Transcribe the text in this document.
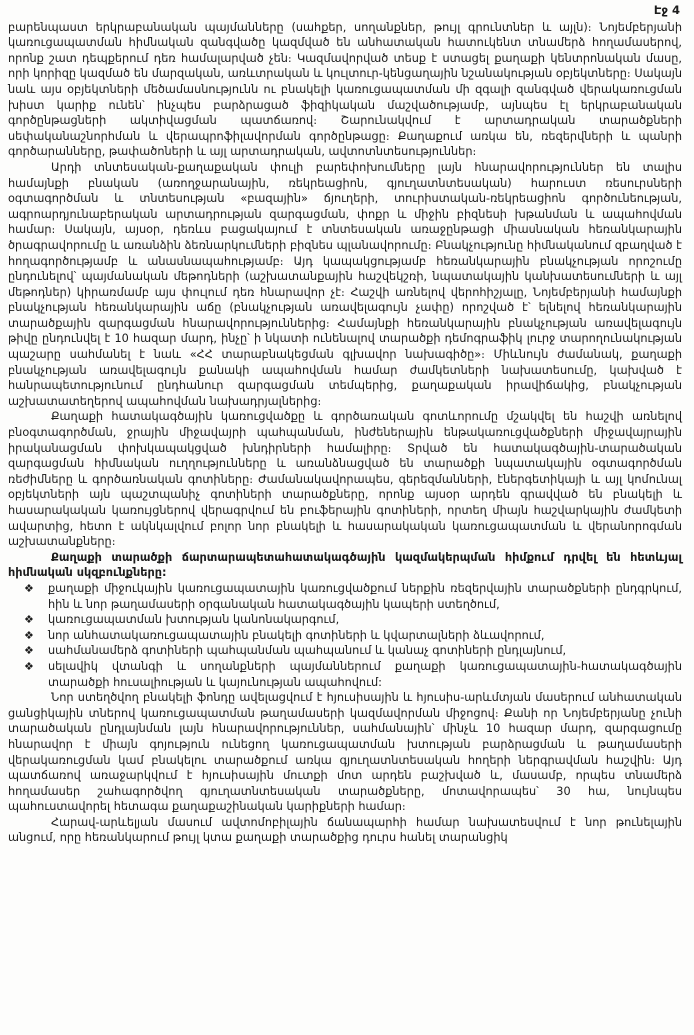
Էջ 4

բարենպաստ երկրաբանական պայմանները (սահքեր, սողանքներ, թույլ գրունտներ և այլն)։ Նոյեմբերյանի կառուցապատման հիմնական զանգվածը կազմված են անհատական հատուկենտ տնամերձ հողամասերով, որոնք շատ դեպքերում դեռ համալարված չեն։ Կազմավորված տեսք է ստացել քաղաքի կենտրոնական մասը, որի կորիզը կազմած են մարզական, առևտրական և կուլտուր-կենցաղային նշանակության օբյեկտները։ Սակայն նաև այս օբյեկտների մեծամասնությունն ու բնակելի կառուցապատման մի զգալի զանգված վերակառուցման խիստ կարիք ունեն՝ ինչպես բարձրացած ֆիզիկական մաշվածությամբ, այնպես էլ երկրաբանական գործընթացների ակտիվացման պատճառով։ Շարունակվում է արտադրական տարածքների սեփականաշնորհման և վերապրոֆիլավորման գործընթացը։ Քաղաքում առկա են, ռեզերվների և պանրի գործարանները, թափածոների և այլ արտադրական, ավտոտնտեսություններ։

Արդի տնտեսական-քաղաքական փուլի բարեփոխումները լայն հնարավորություններ են տալիս համայնքի բնական (առողջարանային, ռեկրեացիոն, գյուղատնտեսական) հարուստ ռեսուրսների օգտագործման և տնտեսության «բազային» ճյուղերի, տուրիստական-ռեկրեացիոն գործունեության, ագրոարդյունաբերական արտադրության զարգացման, փոքր և միջին բիզնեսի խթանման և ապահովման համար։ Սակայն, այսօր, դեռևս բացակայում է տնտեսական առաջընթացի միասնական հեռանկարային ծրագրավորումը և առանձին ձեռնարկումների բիզնես պլանավորումը։ Բնակչությունը հիմնականում զբաղված է հողագործությամբ և անասնապահությամբ։ Այդ կապակցությամբ հեռանկարային բնակչության որոշումը ընդունելով՝ պայմանական մեթոդների (աշխատանքային հաշվեկշռի, նպատակային կանխատեսումների և այլ մեթոդներ) կիրառմամբ այս փուլում դեռ հնարավոր չէ։ Հաշվի առնելով վերոհիշյալը, Նոյեմբերյանի համայնքի բնակչության հեռանկարային աճը (բնակչության առավելագույն չափը) որոշված է՝ ելնելով հեռանկարային տարածքային զարգացման հնարավորություններից։ Համայնքի հեռանկարային բնակչության առավելագույն թիվը ընդունվել է 10 հազար մարդ, ինչը՝ ի նկատի ունենալով տարածքի դեմոգրաֆիկ լուրջ տարողունակության պաշարը սահմանել է նաև «ՀՀ տարաբնակեցման գլխավոր նախագիծը»։ Միևնույն ժամանակ, քաղաքի բնակչության առավելագույն քանակի ապահովման համար ժամկետների նախատեսումը, կախված է հանրապետությունում ընդհանուր զարգացման տեմպերից, քաղաքական իրավիճակից, բնակչության աշխատատեղերով ապահովման նախադրյալներից։

Քաղաքի հատակագծային կառուցվածքը և գործառական գոտևորումը մշակվել են հաշվի առնելով բնօգտագործման, ջրային միջավայրի պահպանման, ինժեներային ենթակառուցվածքների միջավայրային իրականացման փոխկապակցված խնդիրների համալիրը։ Տրված են հատակագծային-տարածական զարգացման հիմնական ուղղությունները և առանձնացված են տարածքի նպատակային օգտագործման ռեժիմները և գործառնական գոտիները։ Ժամանակավորապես, գերեզմանների, էներգետիկայի և այլ կոմունալ օբյեկտների այն պաշտպանիչ գոտիների տարածքները, որոնք այսօր արդեն գրավված են բնակելի և հասարակական կառույցներով վերագրվում են բուֆերային գոտիների, որտեղ միայն հաշվարկային ժամկետի ավարտից, հետո է ակնկալվում բոլոր նոր բնակելի և հասարակական կառուցապատման և վերանորոգման աշխատանքները։

Քաղաքի տարածքի ճարտարապետահատակագծային կազմակերպման հիմքում դրվել են հետևյալ հիմնական սկզբունքները:

❖ քաղաքի միջուկային կառուցապատային կառուցվածքում ներքին ռեզերվային տարածքների ընդգրկում, հին և նոր թաղամասերի օրգանական հատակագծային կապերի ստեղծում,
❖ կառուցապատման խտության կանոնակարգում,
❖ նոր անհատակառուցապատային բնակելի գոտիների և կվարտալների ձևավորում,
❖ սահմանամերձ գոտիների պահպանման պահպանում և կանաչ գոտիների ընդլայնում,
❖ սելավիկ վտանգի և սողանքների պայմաններում քաղաքի կառուցապատային-հատակագծային տարածքի հուսալիության և կայունության ապահովում:

Նոր ստեղծվող բնակելի ֆոնդը ավելացվում է հյուսիսային և հյուսիս-արևմտյան մասերում անհատական ցանցիկային տներով կառուցապատման թաղամասերի կազմավորման միջոցով։ Քանի որ Նոյեմբերյանը չունի տարածական ընդլայնման լայն հնարավորություններ, սահմանային՝ մինչև 10 հազար մարդ, զարգացումը հնարավոր է միայն գոյություն ունեցող կառուցապատման խտության բարձրացման և թաղամասերի վերակառուցման կամ բնակելու տարածքում առկա գյուղատնտեսական հողերի ներգրավման հաշվին։ Այդ պատճառով առաջարկվում է հյուսիսային մուտքի մոտ արդեն բաշխված և, մասամբ, որպես տնամերձ հողամասեր շահագործվող գյուղատնտեսական տարածքները, մոտավորապես՝ 30 հա, նույնպես պահուստավորել հետագա քաղաքաշինական կարիքների համար։

Հարավ-արևելյան մասում ավտոմոբիլային ճանապարհի համար նախատեսվում է նոր թունելային անցում, որը հեռանկարում թույլ կտա քաղաքի տարածքից դուրս հանել տարանցիկ
